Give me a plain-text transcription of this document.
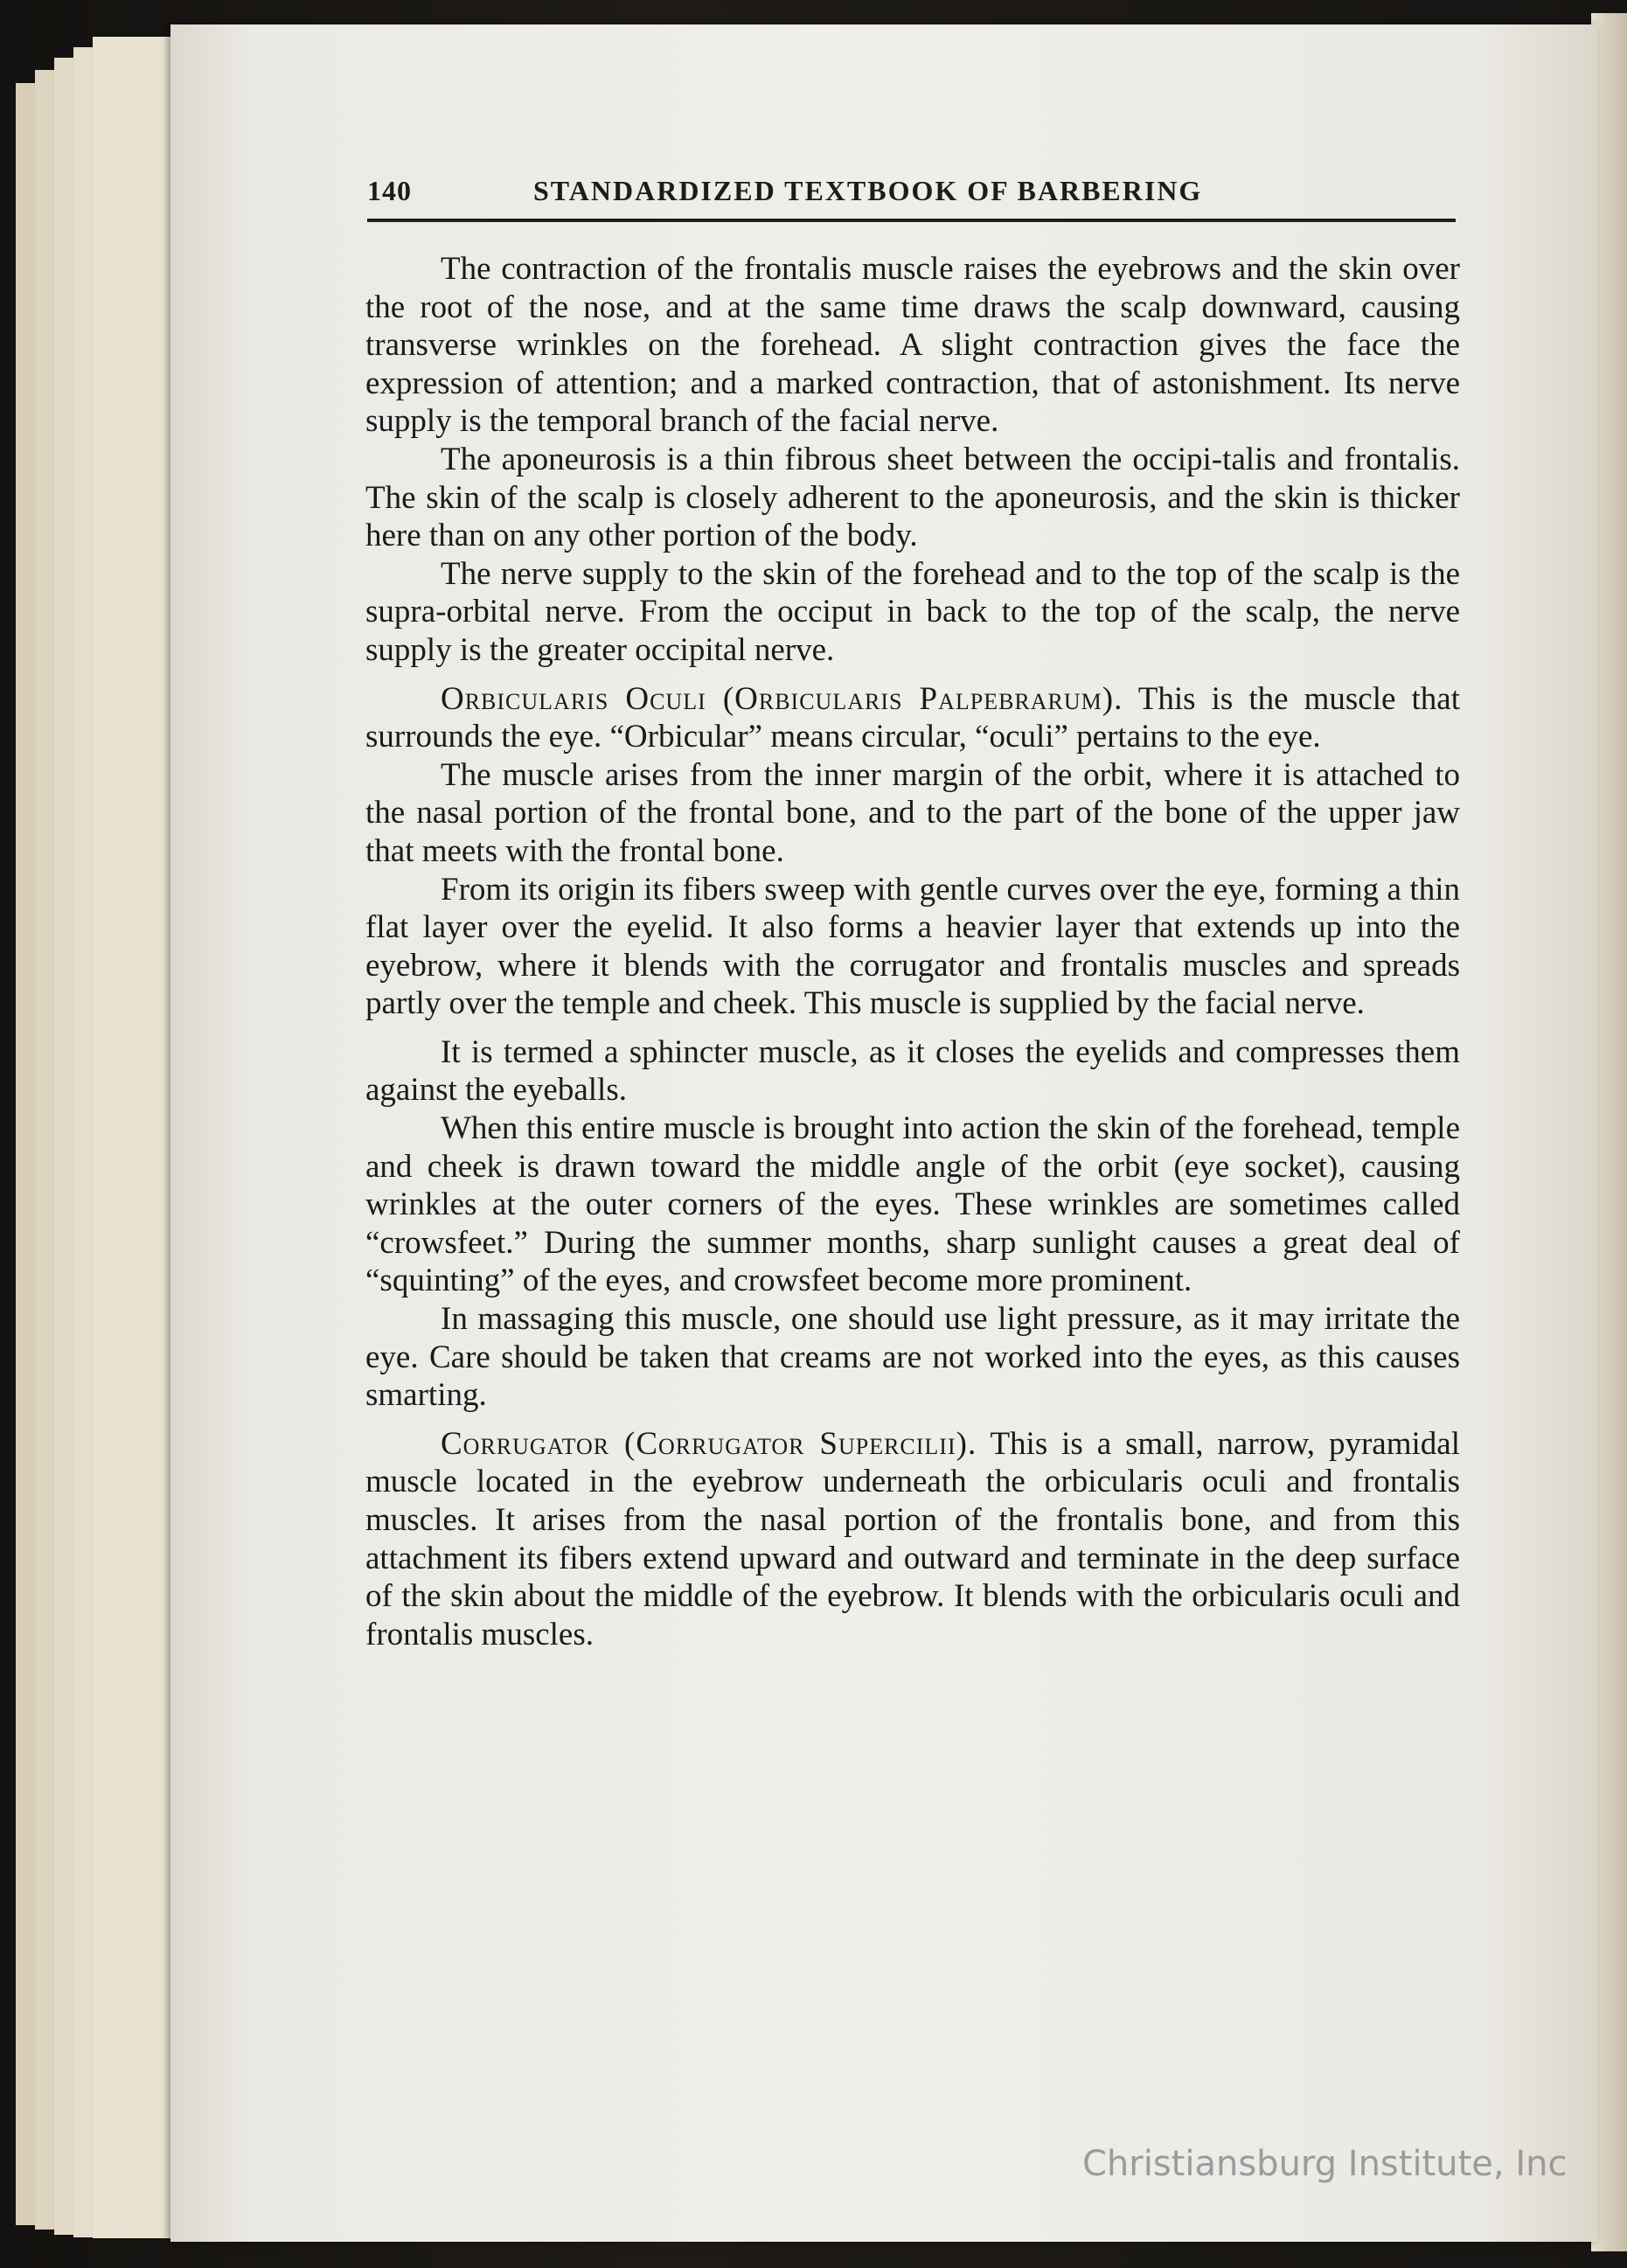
140	STANDARDIZED TEXTBOOK OF BARBERING

The contraction of the frontalis muscle raises the eyebrows and the skin over the root of the nose, and at the same time draws the scalp downward, causing transverse wrinkles on the forehead. A slight contraction gives the face the expression of attention; and a marked contraction, that of astonishment. Its nerve supply is the temporal branch of the facial nerve.

The aponeurosis is a thin fibrous sheet between the occipi-talis and frontalis. The skin of the scalp is closely adherent to the aponeurosis, and the skin is thicker here than on any other portion of the body.

The nerve supply to the skin of the forehead and to the top of the scalp is the supra-orbital nerve. From the occiput in back to the top of the scalp, the nerve supply is the greater occipital nerve.

Orbicularis Oculi (Orbicularis Palpebrarum). This is the muscle that surrounds the eye. “Orbicular” means circular, “oculi” pertains to the eye.

The muscle arises from the inner margin of the orbit, where it is attached to the nasal portion of the frontal bone, and to the part of the bone of the upper jaw that meets with the frontal bone.

From its origin its fibers sweep with gentle curves over the eye, forming a thin flat layer over the eyelid. It also forms a heavier layer that extends up into the eyebrow, where it blends with the corrugator and frontalis muscles and spreads partly over the temple and cheek. This muscle is supplied by the facial nerve.

It is termed a sphincter muscle, as it closes the eyelids and compresses them against the eyeballs.

When this entire muscle is brought into action the skin of the forehead, temple and cheek is drawn toward the middle angle of the orbit (eye socket), causing wrinkles at the outer corners of the eyes. These wrinkles are sometimes called “crowsfeet.” During the summer months, sharp sunlight causes a great deal of “squinting” of the eyes, and crowsfeet become more prominent.

In massaging this muscle, one should use light pressure, as it may irritate the eye. Care should be taken that creams are not worked into the eyes, as this causes smarting.

Corrugator (Corrugator Supercilii). This is a small, narrow, pyramidal muscle located in the eyebrow underneath the orbicularis oculi and frontalis muscles. It arises from the nasal portion of the frontalis bone, and from this attachment its fibers extend upward and outward and terminate in the deep surface of the skin about the middle of the eyebrow. It blends with the orbicularis oculi and frontalis muscles.

Christiansburg Institute, Inc
